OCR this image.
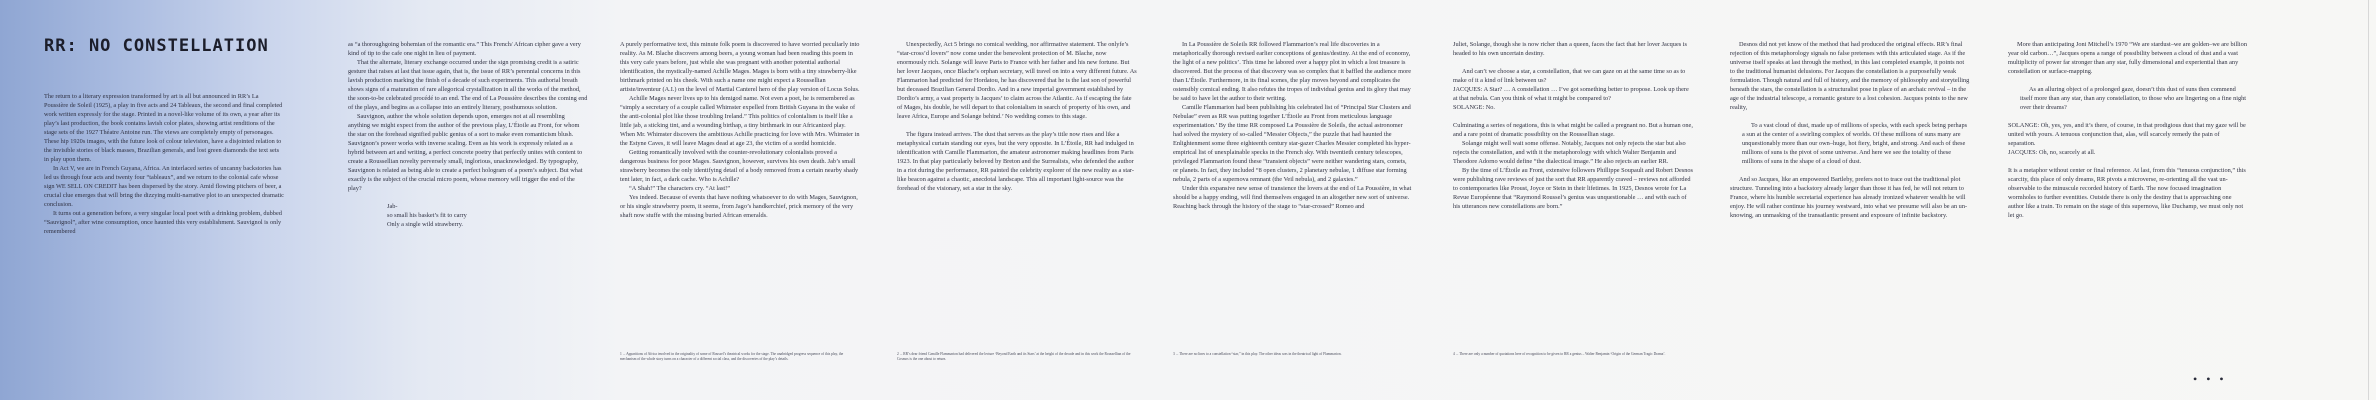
RR: NO CONSTELLATION

The return to a literary expression transformed by art is all but announced in RR’s La Poussière de Soleil (1925), a play in five acts and 24 Tableaux, the second and final completed work written expressly for the stage. Printed in a novel-like volume of its own, a year after its play’s last production, the book contains lavish color plates, showing artist renditions of the stage sets of the 1927 Théatre Antoine run. The views are completely empty of personages. These hip 1920s images, with the future look of colour television, have a disjointed relation to the invisible stories of black masses, Brazilian generals, and lost green diamonds the text sets in play upon them.

In Act V, we are in French Guyana, Africa. An interlaced series of uncanny backstories has led us through four acts and twenty four “tableaux”, and we return to the colonial cafe whose sign WE SELL ON CREDIT has been dispersed by the story. Amid flowing pitchers of beer, a crucial clue emerges that will bring the dizzying multi-narrative plot to an unexpected dramatic conclusion.

It turns out a generation before, a very singular local poet with a drinking problem, dubbed “Sauvignol”, after wine consumption, once haunted this very establishment. Sauvignol is only remembered

as “a thoroughgoing bohemian of the romantic era.” This French/ African cipher gave a very kind of tip to the cafe one night in lieu of payment.

That the alternate, literary exchange occurred under the sign promising credit is a satiric gesture that raises at last that issue again, that is, the issue of RR’s perennial concerns in this lavish production marking the finish of a decade of such experiments. This authorial breath shows signs of a maturation of rare allegorical crystallization in all the works of the method, the soon-to-be celebrated procédé to an end. The end of La Poussière describes the coming end of the plays, and begins as a collapse into an entirely literary, posthumous solution.

Sauvignon, author the whole solution depends upon, emerges not at all resembling anything we might expect from the author of the previous play, L’Étoile au Front, for whom the star on the forehead signified public genius of a sort to make even romanticism blush. Sauvignon’s power works with inverse scaling. Even as his work is expressly related as a hybrid between art and writing, a perfect concrete poetry that perfectly unites with content to create a Roussellian novelty perversely small, inglorious, unacknowledged. By typography, Sauvignon is related as being able to create a perfect hologram of a poem’s subject. But what exactly is the subject of the crucial micro poem, whose memory will trigger the end of the play?

Jab-

so small his basket’s fit to carry

Only a single wild strawberry.

A purely performative text, this minute folk poem is discovered to have worried peculiarly into reality. As M. Blache discovers among beers, a young woman had been reading this poem in this very cafe years before, just while she was pregnant with another potential authorial identification, the mystically-named Achille Mages. Mages is born with a tiny strawberry-like birthmark printed on his cheek. With such a name one might expect a Roussellian artiste/inventeur (A.I.) on the level of Martial Canterel hero of the play version of Locus Solus.

Achille Mages never lives up to his demigod name. Not even a poet, he is remembered as “simply a secretary of a couple called Whimster expelled from British Guyana in the wake of the anti-colonial plot like those troubling Ireland.” This politics of colonialism is itself like a little jab, a sticking tint, and a wounding birthap, a tiny birthmark in our Africanized play. When Mr. Whimster discovers the ambitious Achille practicing for love with Mrs. Whimster in the Estyne Caves, it will leave Mages dead at age 23, the victim of a sordid homicide.

Getting romantically involved with the counter-revolutionary colonialists proved a dangerous business for poor Mages. Sauvignon, however, survives his own death. Jab’s small strawberry becomes the only identifying detail of a body removed from a certain nearby shady tent later, in fact, a dark cache. Who is Achille?

“A Shah!” The characters cry. “At last!”

Yes indeed. Because of events that have nothing whatsoever to do with Mages, Sauvignon, or his single strawberry poem, it seems, from Jago’s handkerchief, prick memory of the very shaft now stuffe with the missing buried African emeralds.

1 ... Apparitions of Africa involved in the originality of some of Roussel’s theatrical works for the stage. The unabridged progress sequence of this play, the mechanism of the whole story turns on a character of a different social class, and the discoveries of the play’s details.

Unexpectedly, Act 5 brings no comical wedding, nor affirmative statement. The onlyfe’s “star-cross’d lovers” now come under the benevolent protection of M. Blache, now enormously rich. Solange will leave Paris to France with her father and his new fortune. But her lover Jacques, once Blache’s orphan secretary, will travel on into a very different future. As Flammarion had predicted for Hordatou, he has discovered that he is the last son of powerful but deceased Brazilian General Dordio. And in a new imperial government established by Dordio’s army, a vast property is Jacques’ to claim across the Atlantic. As if escaping the fate of Mages, his double, he will depart to that colonialism in search of property of his own, and leave Africa, Europe and Solange behind.’ No wedding comes to this stage.

The figura instead arrives. The dust that serves as the play’s title now rises and like a metaphysical curtain standing our eyes, but the very opposite. In L’Étoile, RR had indulged in identification with Camille Flammarion, the amateur astronomer making headlines from Paris 1923. In that play particularly beloved by Breton and the Surrealists, who defended the author in a riot during the performance, RR painted the celebrity explorer of the new reality as a star-like beacon against a chaotic, anecdotal landscape. This all important light-source was the forehead of the visionary, set a star in the sky.

2 ... RR’s dear friend Camille Flammarion had delivered the lecture ‘Beyond Earth and its Stars’ at the height of the decade and in this work the Roussellian of the Cosmos is the one about to return.

In La Poussière de Soleils RR followed Flammarion’s real life discoveries in a metaphorically thorough revised earlier conceptions of genius/destiny. At the end of economy, the light of a new politics’. This time he labored over a happy plot in which a lost treasure is discovered. But the process of that discovery was so complex that it baffled the audience more than L’Étoile. Furthermore, in its final scenes, the play moves beyond and complicates the ostensibly comical ending. It also refutes the tropes of individual genius and its glory that may be said to have let the author to their writing.

Camille Flammarion had been publishing his celebrated list of “Principal Star Clusters and Nebulae” even as RR was putting together L’Étoile au Front from meticulous language experimentation.’ By the time RR composed La Poussière de Soleils, the actual astronomer had solved the mystery of so-called “Messier Objects,” the puzzle that had haunted the Enlightenment some three eighteenth century star-gazer Charles Messier completed his hyper-empirical list of unexplainable specks in the French sky. With twentieth century telescopes, privileged Flammarion found these “transient objects” were neither wandering stars, comets, or planets. In fact, they included “8 open clusters, 2 planetary nebulae, 1 diffuse star forming nebula, 2 parts of a supernova remnant (the Veil nebula), and 2 galaxies.”

Under this expansive new sense of transience the lovers at the end of La Poussière, in what should be a happy ending, will find themselves engaged in an altogether new sort of universe. Reaching back through the history of the stage to “star-crossed” Romeo and

3 ... There are no lines to a constellation “star,” in this play. The other ideas was in the theatrical light of Flammarion.

Juliet, Solange, though she is now richer than a queen, faces the fact that her lover Jacques is headed to his own uncertain destiny.

And can’t we choose a star, a constellation, that we can gaze on at the same time so as to make of it a kind of link between us?

JACQUES: A Star? … A constellation … I’ve got something better to propose. Look up there at that nebula. Can you think of what it might be compared to?

SOLANGE: No.

Culminating a series of negations, this is what might be called a pregnant no. But a human one, and a rare point of dramatic possibility on the Roussellian stage.

Solange might well wait some offense. Notably, Jacques not only rejects the star but also rejects the constellation, and with it the metaphorology with which Walter Benjamin and Theodore Adorno would define “the dialectical image.” He also rejects an earlier RR.

By the time of L’Étoile au Front, extensive followers Phillippe Soupault and Robert Desnos were publishing rave reviews of just the sort that RR apparently craved – reviews not afforded to contemporaries like Proust, Joyce or Stein in their lifetimes. In 1925, Desnos wrote for La Revue Européenne that “Raymond Roussel’s genius was unquestionable … and with each of his utterances new constellations are born.”

4 ... There are only a number of quotations here of recognition to be given to RR a genius – Walter Benjamin ‘Origin of the German Tragic Drama’.

Desnos did not yet know of the method that had produced the original effects. RR’s final rejection of this metaphorology signals no false pretenses with this articulated stage. As if the universe itself speaks at last through the method, in this last completed example, it points not to the traditional humanist delusions. For Jacques the constellation is a purposefully weak formulation. Though natural and full of history, and the memory of philosophy and storytelling beneath the stars, the constellation is a structuralist pose in place of an archaic revival – in the age of the industrial telescope, a romantic gesture to a lost cohesion. Jacques points to the new reality,

To a vast cloud of dust, made up of millions of specks, with each speck being perhaps a sun at the center of a swirling complex of worlds. Of these millions of suns many are unquestionably more than our own–huge, hot fiery, bright, and strong. And each of these millions of suns is the pivot of some universe. And here we see the totality of these millions of suns in the shape of a cloud of dust.

And so Jacques, like an empowered Bartleby, prefers not to trace out the traditional plot structure. Tunneling into a backstory already larger than those it has fed, he will not return to France, where his humble secretarial experience has already ironized whatever wealth he will enjoy. He will rather continue his journey westward, into what we presume will also be an un-knowing, an unmasking of the transatlantic present and exposure of infinite backstory.

More than anticipating Joni Mitchell’s 1970 “We are stardust–we are golden–we are billion year old carbon…”, Jacques opens a range of possibility between a cloud of dust and a vast multiplicity of power far stronger than any star, fully dimensional and experiential than any constellation or surface-mapping.

As an alluring object of a prolonged gaze, doesn’t this dust of suns then commend itself more than any star, than any constellation, to those who are lingering on a fine night over their dreams?

SOLANGE: Oh, yes, yes, and it’s there, of course, in that prodigious dust that my gaze will be united with yours. A tenuous conjunction that, alas, will scarcely remedy the pain of separation.

JACQUES: Oh, no, scarcely at all.

It is a metaphor without center or final reference. At last, from this “tenuous conjunction,” this scarcity, this place of only dreams, RR pivots a microverse, re-orienting all the vast un-observable to the minuscule recorded history of Earth. The now focused imagination wormholes to further eventities. Outside there is only the destiny that is approaching one author like a train. To remain on the stage of this supernova, like Duchamp, we must only not let go.

• • •
